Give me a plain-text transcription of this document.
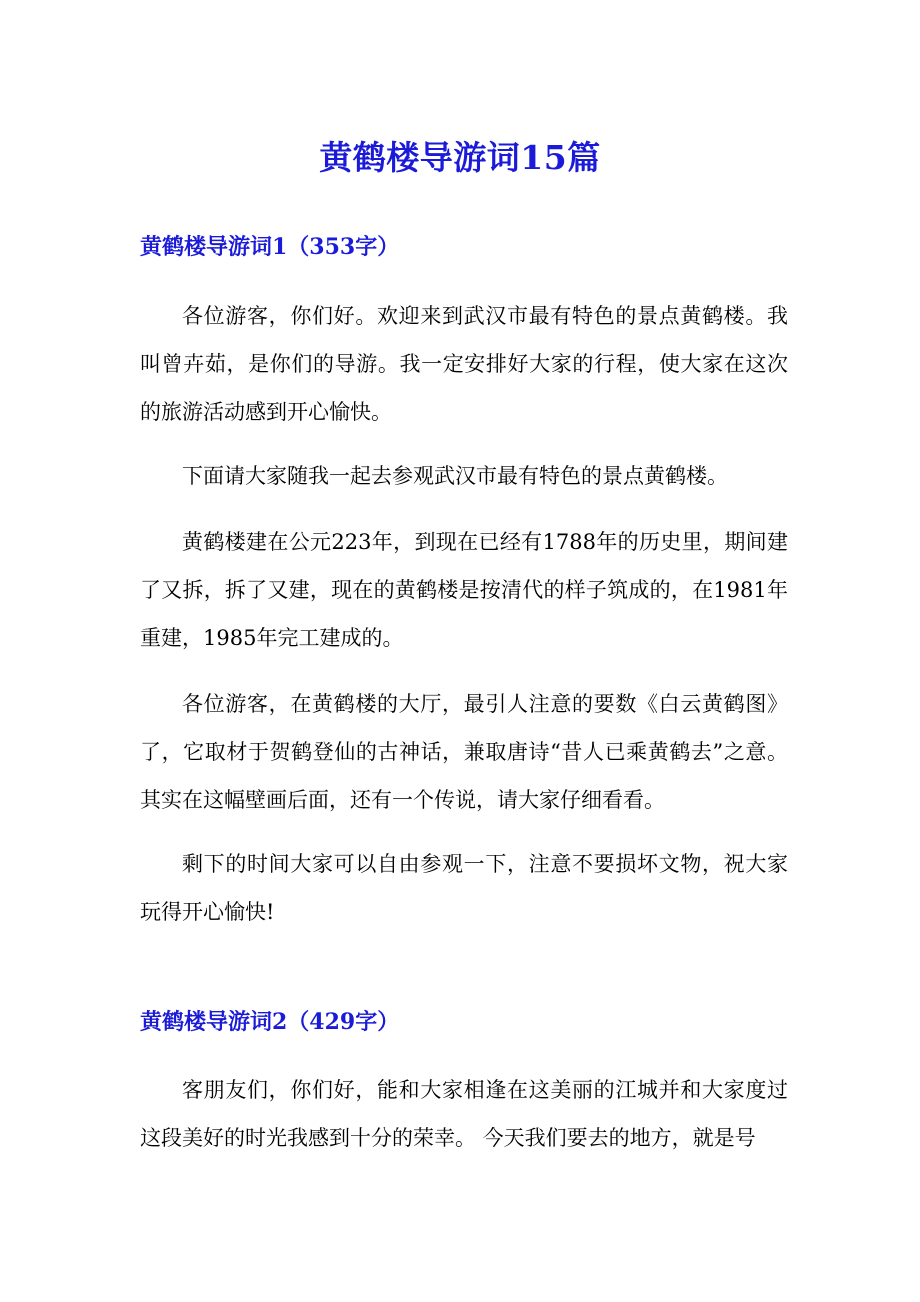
黄鹤楼导游词15篇
黄鹤楼导游词1（353字）

各位游客，你们好。欢迎来到武汉市最有特色的景点黄鹤楼。我叫曾卉茹，是你们的导游。我一定安排好大家的行程，使大家在这次的旅游活动感到开心愉快。

下面请大家随我一起去参观武汉市最有特色的景点黄鹤楼。

黄鹤楼建在公元223年，到现在已经有1788年的历史里，期间建了又拆，拆了又建，现在的黄鹤楼是按清代的样子筑成的，在1981年重建，1985年完工建成的。

各位游客，在黄鹤楼的大厅，最引人注意的要数《白云黄鹤图》了，它取材于贺鹤登仙的古神话，兼取唐诗“昔人已乘黄鹤去”之意。其实在这幅壁画后面，还有一个传说，请大家仔细看看。

剩下的时间大家可以自由参观一下，注意不要损坏文物，祝大家玩得开心愉快!

黄鹤楼导游词2（429字）

客朋友们，你们好，能和大家相逢在这美丽的江城并和大家度过这段美好的时光我感到十分的荣幸。 今天我们要去的地方，就是号
